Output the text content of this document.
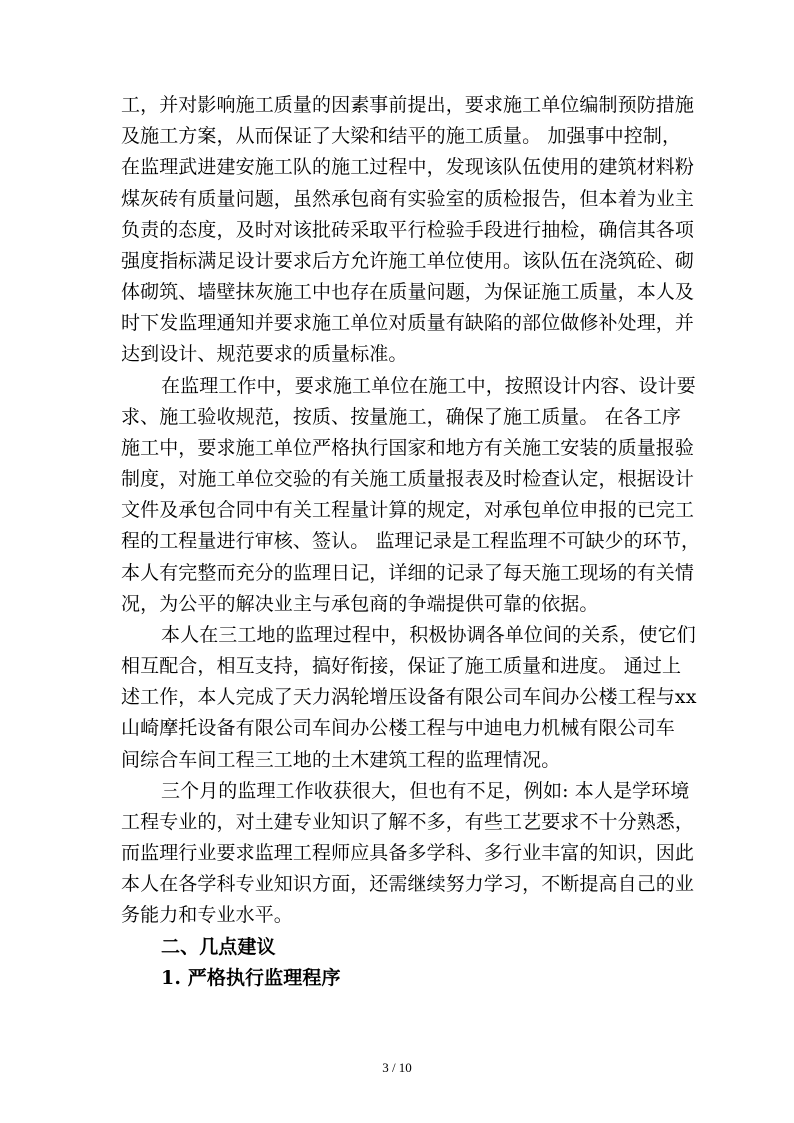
工，并对影响施工质量的因素事前提出，要求施工单位编制预防措施
及施工方案，从而保证了大梁和结平的施工质量。 加强事中控制，
在监理武进建安施工队的施工过程中，发现该队伍使用的建筑材料粉
煤灰砖有质量问题，虽然承包商有实验室的质检报告，但本着为业主
负责的态度，及时对该批砖采取平行检验手段进行抽检，确信其各项
强度指标满足设计要求后方允许施工单位使用。该队伍在浇筑砼、砌
体砌筑、墙壁抹灰施工中也存在质量问题，为保证施工质量，本人及
时下发监理通知并要求施工单位对质量有缺陷的部位做修补处理，并
达到设计、规范要求的质量标准。
在监理工作中，要求施工单位在施工中，按照设计内容、设计要
求、施工验收规范，按质、按量施工，确保了施工质量。 在各工序
施工中，要求施工单位严格执行国家和地方有关施工安装的质量报验
制度，对施工单位交验的有关施工质量报表及时检查认定，根据设计
文件及承包合同中有关工程量计算的规定，对承包单位申报的已完工
程的工程量进行审核、签认。 监理记录是工程监理不可缺少的环节，
本人有完整而充分的监理日记，详细的记录了每天施工现场的有关情
况，为公平的解决业主与承包商的争端提供可靠的依据。
本人在三工地的监理过程中，积极协调各单位间的关系，使它们
相互配合，相互支持，搞好衔接，保证了施工质量和进度。 通过上
述工作，本人完成了天力涡轮增压设备有限公司车间办公楼工程与xx
山崎摩托设备有限公司车间办公楼工程与中迪电力机械有限公司车
间综合车间工程三工地的土木建筑工程的监理情况。
三个月的监理工作收获很大，但也有不足，例如: 本人是学环境
工程专业的，对土建专业知识了解不多，有些工艺要求不十分熟悉，
而监理行业要求监理工程师应具备多学科、多行业丰富的知识，因此
本人在各学科专业知识方面，还需继续努力学习，不断提高自己的业
务能力和专业水平。
二、几点建议
1. 严格执行监理程序
3 / 10
